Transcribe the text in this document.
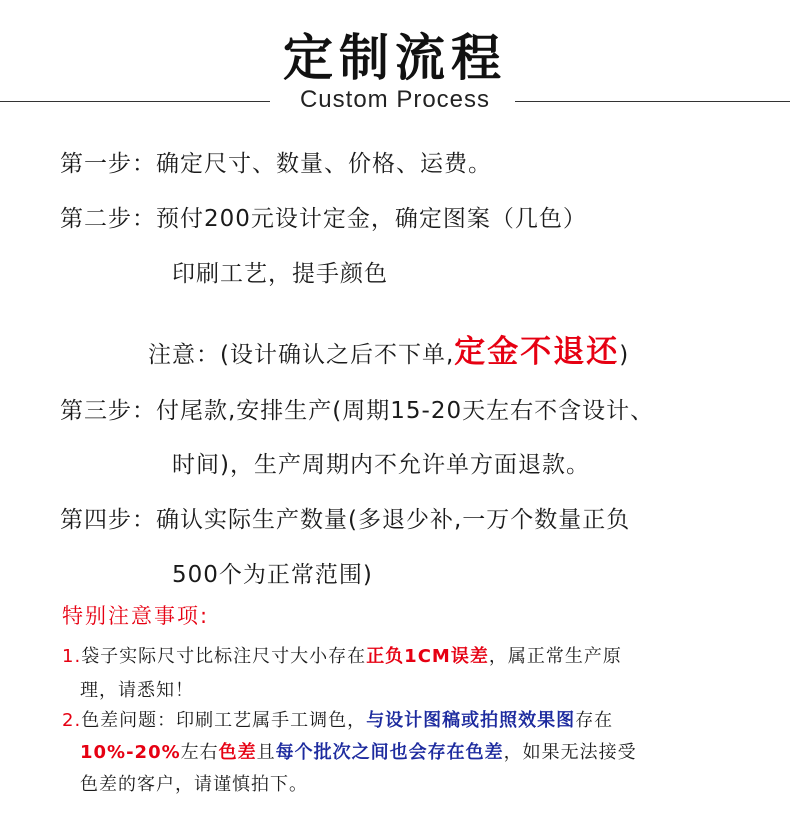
定制流程
Custom Process
第一步：确定尺寸、数量、价格、运费。
第二步：预付200元设计定金，确定图案（几色）
印刷工艺，提手颜色
注意：(设计确认之后不下单,定金不退还)
第三步：付尾款,安排生产(周期15-20天左右不含设计、
时间)，生产周期内不允许单方面退款。
第四步：确认实际生产数量(多退少补,一万个数量正负
500个为正常范围)
特别注意事项:
1.袋子实际尺寸比标注尺寸大小存在正负1CM误差，属正常生产原
理，请悉知！
2.色差问题：印刷工艺属手工调色，与设计图稿或拍照效果图存在
10%-20%左右色差且每个批次之间也会存在色差，如果无法接受
色差的客户，请谨慎拍下。
